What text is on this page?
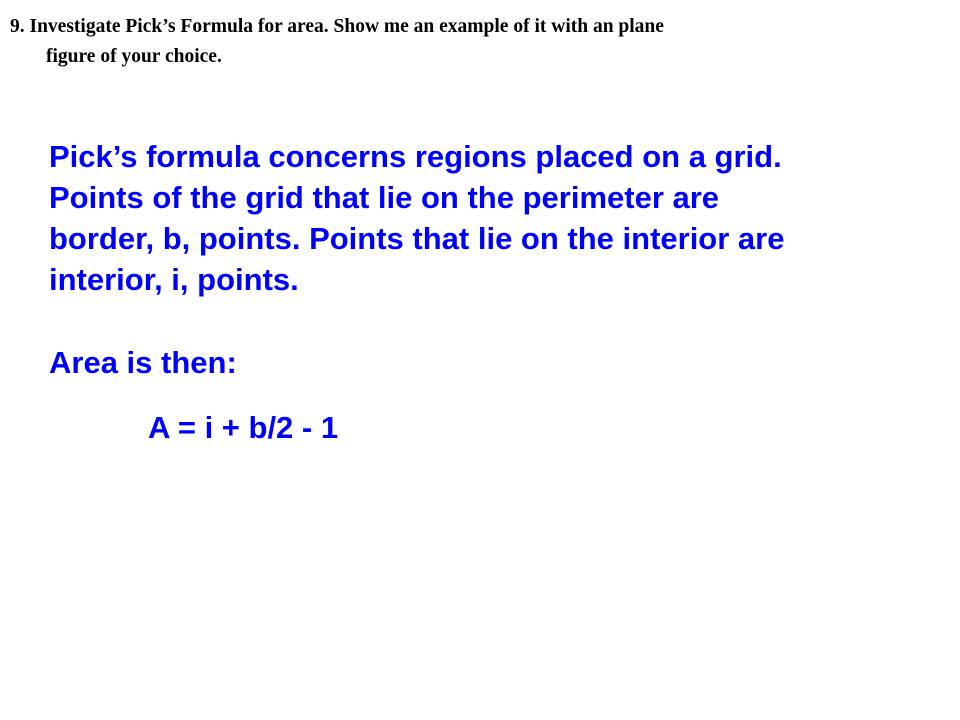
9. Investigate Pick’s Formula for area. Show me an example of it with an plane
figure of your choice.

Pick’s formula concerns regions placed on a grid.
Points of the grid that lie on the perimeter are
border, b, points. Points that lie on the interior are
interior, i, points.

Area is then:

A = i + b/2 - 1
